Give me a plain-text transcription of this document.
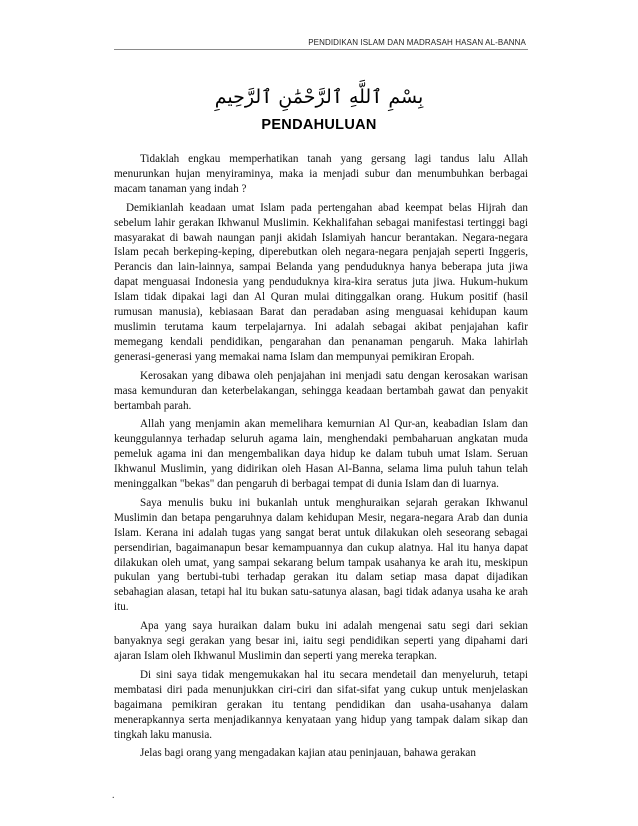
PENDIDIKAN ISLAM DAN MADRASAH HASAN AL-BANNA
بِسْمِ ٱللَّهِ ٱلرَّحْمَٰنِ ٱلرَّحِيمِ
PENDAHULUAN

Tidaklah engkau memperhatikan tanah yang gersang lagi tandus lalu Allah menurunkan hujan menyiraminya, maka ia menjadi subur dan menumbuhkan berbagai macam tanaman yang indah ?

Demikianlah keadaan umat Islam pada pertengahan abad keempat belas Hijrah dan sebelum lahir gerakan Ikhwanul Muslimin. Kekhalifahan sebagai manifestasi tertinggi bagi masyarakat di bawah naungan panji akidah Islamiyah hancur berantakan. Negara-negara Islam pecah berkeping-keping, diperebutkan oleh negara-negara penjajah seperti Inggeris, Perancis dan lain-lainnya, sampai Belanda yang penduduknya hanya beberapa juta jiwa dapat menguasai Indonesia yang penduduknya kira-kira seratus juta jiwa. Hukum-hukum Islam tidak dipakai lagi dan Al Quran mulai ditinggalkan orang. Hukum positif (hasil rumusan manusia), kebiasaan Barat dan peradaban asing menguasai kehidupan kaum muslimin terutama kaum terpelajarnya. Ini adalah sebagai akibat penjajahan kafir memegang kendali pendidikan, pengarahan dan penanaman pengaruh. Maka lahirlah generasi-generasi yang memakai nama Islam dan mempunyai pemikiran Eropah.

Kerosakan yang dibawa oleh penjajahan ini menjadi satu dengan kerosakan warisan masa kemunduran dan keterbelakangan, sehingga keadaan bertambah gawat dan penyakit bertambah parah.

Allah yang menjamin akan memelihara kemurnian Al Qur-an, keabadian Islam dan keunggulannya terhadap seluruh agama lain, menghendaki pembaharuan angkatan muda pemeluk agama ini dan mengembalikan daya hidup ke dalam tubuh umat Islam. Seruan Ikhwanul Muslimin, yang didirikan oleh Hasan Al-Banna, selama lima puluh tahun telah meninggalkan "bekas" dan pengaruh di berbagai tempat di dunia Islam dan di luarnya.

Saya menulis buku ini bukanlah untuk menghuraikan sejarah gerakan Ikhwanul Muslimin dan betapa pengaruhnya dalam kehidupan Mesir, negara-negara Arab dan dunia Islam. Kerana ini adalah tugas yang sangat berat untuk dilakukan oleh seseorang sebagai persendirian, bagaimanapun besar kemampuannya dan cukup alatnya. Hal itu hanya dapat dilakukan oleh umat, yang sampai sekarang belum tampak usahanya ke arah itu, meskipun pukulan yang bertubi-tubi terhadap gerakan itu dalam setiap masa dapat dijadikan sebahagian alasan, tetapi hal itu bukan satu-satunya alasan, bagi tidak adanya usaha ke arah itu.

Apa yang saya huraikan dalam buku ini adalah mengenai satu segi dari sekian banyaknya segi gerakan yang besar ini, iaitu segi pendidikan seperti yang dipahami dari ajaran Islam oleh Ikhwanul Muslimin dan seperti yang mereka terapkan.

Di sini saya tidak mengemukakan hal itu secara mendetail dan menyeluruh, tetapi membatasi diri pada menunjukkan ciri-ciri dan sifat-sifat yang cukup untuk menjelaskan bagaimana pemikiran gerakan itu tentang pendidikan dan usaha-usahanya dalam menerapkannya serta menjadikannya kenyataan yang hidup yang tampak dalam sikap dan tingkah laku manusia.

Jelas bagi orang yang mengadakan kajian atau peninjauan, bahawa gerakan

.
